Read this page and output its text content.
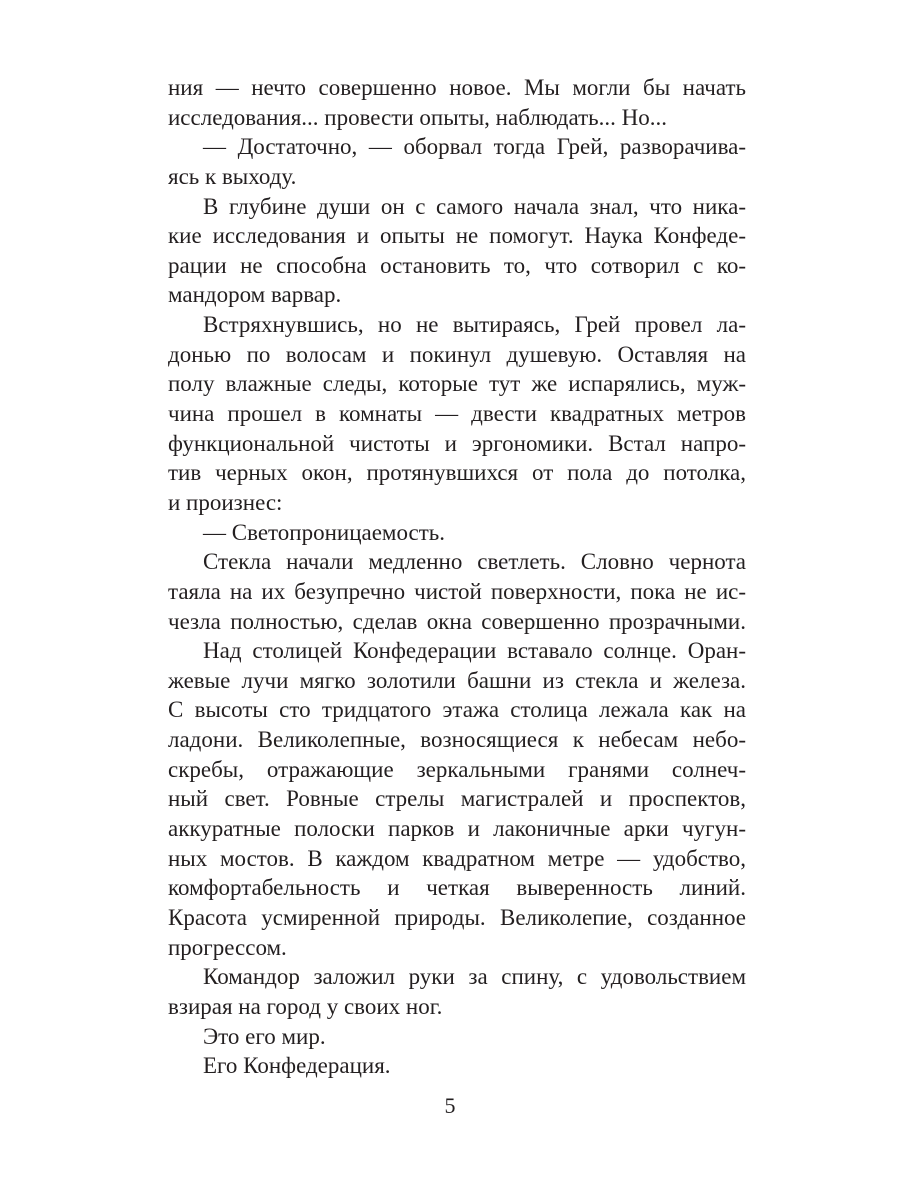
ния — нечто совершенно новое. Мы могли бы начать
исследования... провести опыты, наблюдать... Но...
— Достаточно, — оборвал тогда Грей, разворачива-
ясь к выходу.
В глубине души он с самого начала знал, что ника-
кие исследования и опыты не помогут. Наука Конфеде-
рации не способна остановить то, что сотворил с ко-
мандором варвар.
Встряхнувшись, но не вытираясь, Грей провел ла-
донью по волосам и покинул душевую. Оставляя на
полу влажные следы, которые тут же испарялись, муж-
чина прошел в комнаты — двести квадратных метров
функциональной чистоты и эргономики. Встал напро-
тив черных окон, протянувшихся от пола до потолка,
и произнес:
— Светопроницаемость.
Стекла начали медленно светлеть. Словно чернота
таяла на их безупречно чистой поверхности, пока не ис-
чезла полностью, сделав окна совершенно прозрачными.
Над столицей Конфедерации вставало солнце. Оран-
жевые лучи мягко золотили башни из стекла и железа.
С высоты сто тридцатого этажа столица лежала как на
ладони. Великолепные, возносящиеся к небесам небо-
скребы, отражающие зеркальными гранями солнеч-
ный свет. Ровные стрелы магистралей и проспектов,
аккуратные полоски парков и лаконичные арки чугун-
ных мостов. В каждом квадратном метре — удобство,
комфортабельность и четкая выверенность линий.
Красота усмиренной природы. Великолепие, созданное
прогрессом.
Командор заложил руки за спину, с удовольствием
взирая на город у своих ног.
Это его мир.
Его Конфедерация.
5
